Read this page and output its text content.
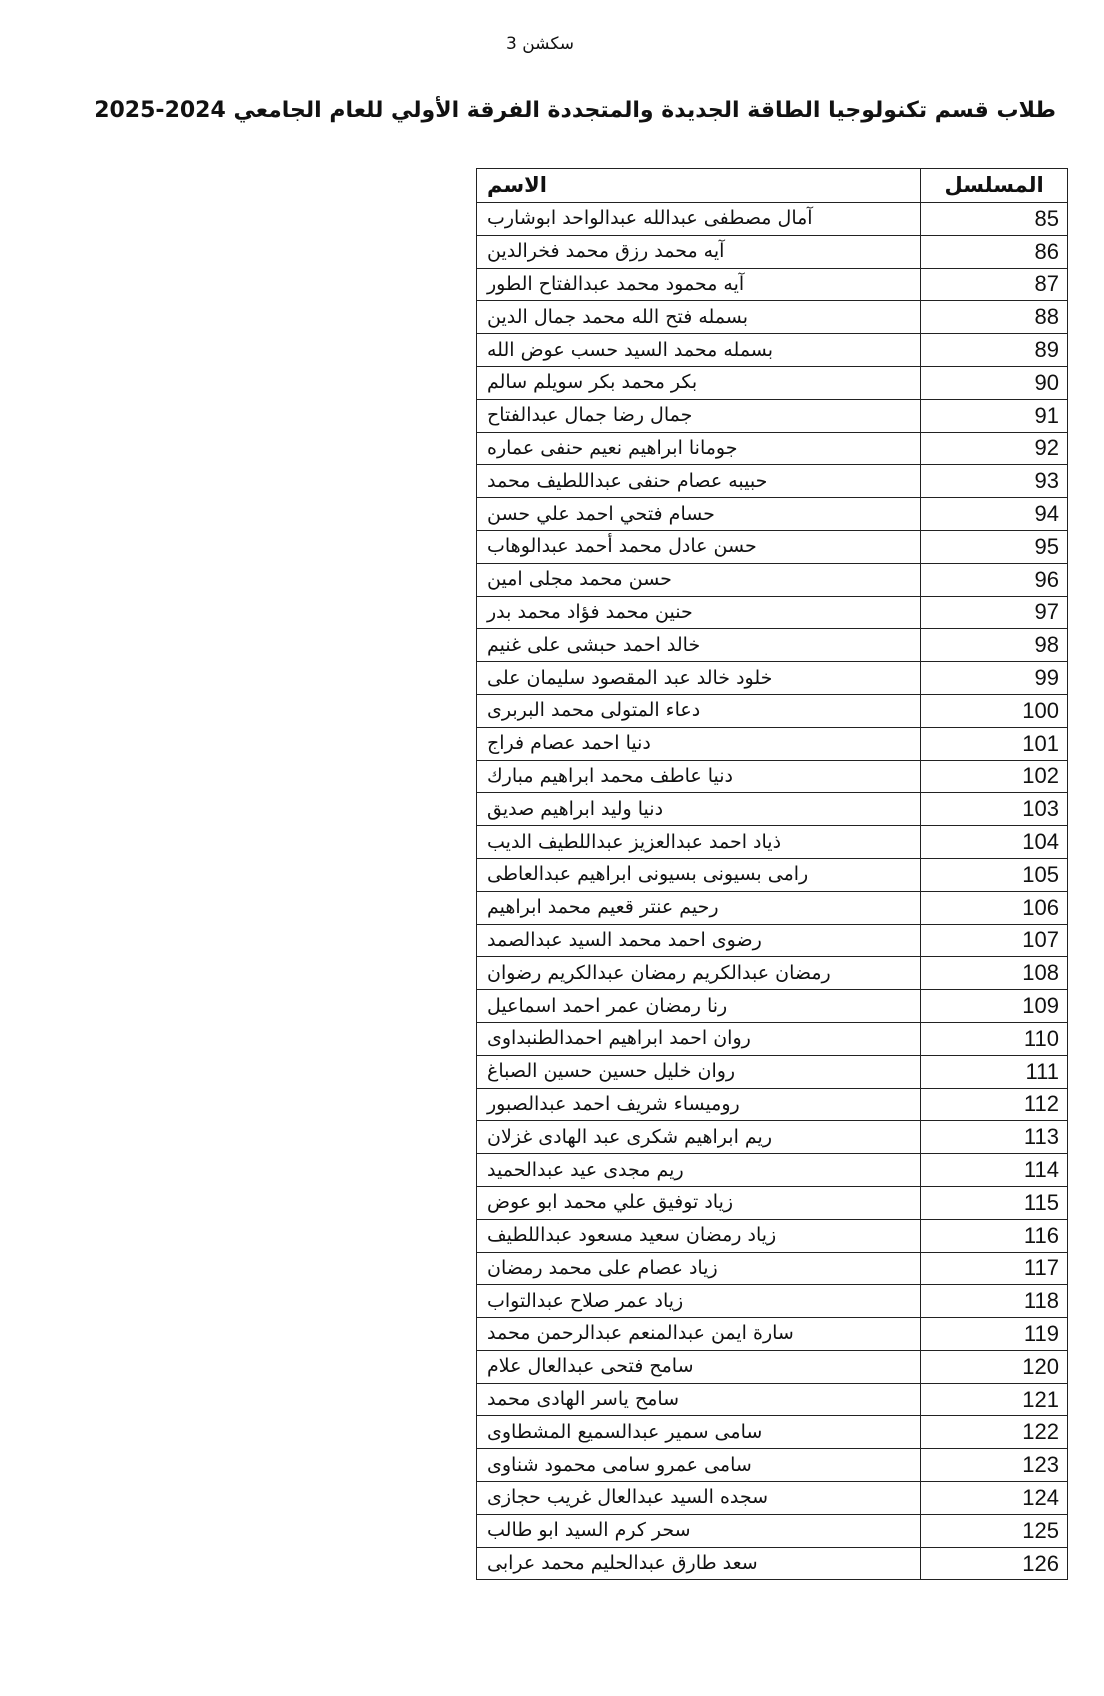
سكشن 3
طلاب قسم تكنولوجيا الطاقة الجديدة والمتجددة الفرقة الأولي للعام الجامعي 2024-2025
المسلسل	الاسم
85	آمال مصطفى عبدالله عبدالواحد ابوشارب
86	آيه محمد رزق محمد فخرالدين
87	آيه محمود محمد عبدالفتاح الطور
88	بسمله فتح الله محمد جمال الدين
89	بسمله محمد السيد حسب عوض الله
90	بكر محمد بكر سويلم سالم
91	جمال رضا جمال عبدالفتاح
92	جومانا ابراهيم نعيم حنفى عماره
93	حبيبه عصام حنفى عبداللطيف محمد
94	حسام فتحي احمد علي حسن
95	حسن عادل محمد أحمد عبدالوهاب
96	حسن محمد مجلى امين
97	حنين محمد فؤاد محمد بدر
98	خالد احمد حبشى على غنيم
99	خلود خالد عبد المقصود سليمان على
100	دعاء المتولى محمد البربرى
101	دنيا احمد عصام فراج
102	دنيا عاطف محمد ابراهيم مبارك
103	دنيا وليد ابراهيم صديق
104	ذياد احمد عبدالعزيز عبداللطيف الديب
105	رامى بسيونى بسيونى ابراهيم عبدالعاطى
106	رحيم عنتر قعيم محمد ابراهيم
107	رضوى احمد محمد السيد عبدالصمد
108	رمضان عبدالكريم رمضان عبدالكريم رضوان
109	رنا رمضان عمر احمد اسماعيل
110	روان احمد ابراهيم احمدالطنبداوى
111	روان خليل حسين حسين الصباغ
112	روميساء شريف احمد عبدالصبور
113	ريم ابراهيم شكرى عبد الهادى غزلان
114	ريم مجدى عيد عبدالحميد
115	زياد توفيق علي محمد ابو عوض
116	زياد رمضان سعيد مسعود عبداللطيف
117	زياد عصام على محمد رمضان
118	زياد عمر صلاح عبدالتواب
119	سارة ايمن عبدالمنعم عبدالرحمن محمد
120	سامح فتحى عبدالعال علام
121	سامح ياسر الهادى محمد
122	سامى سمير عبدالسميع المشطاوى
123	سامى عمرو سامى محمود شناوى
124	سجده السيد عبدالعال غريب حجازى
125	سحر كرم السيد ابو طالب
126	سعد طارق عبدالحليم محمد عرابى
